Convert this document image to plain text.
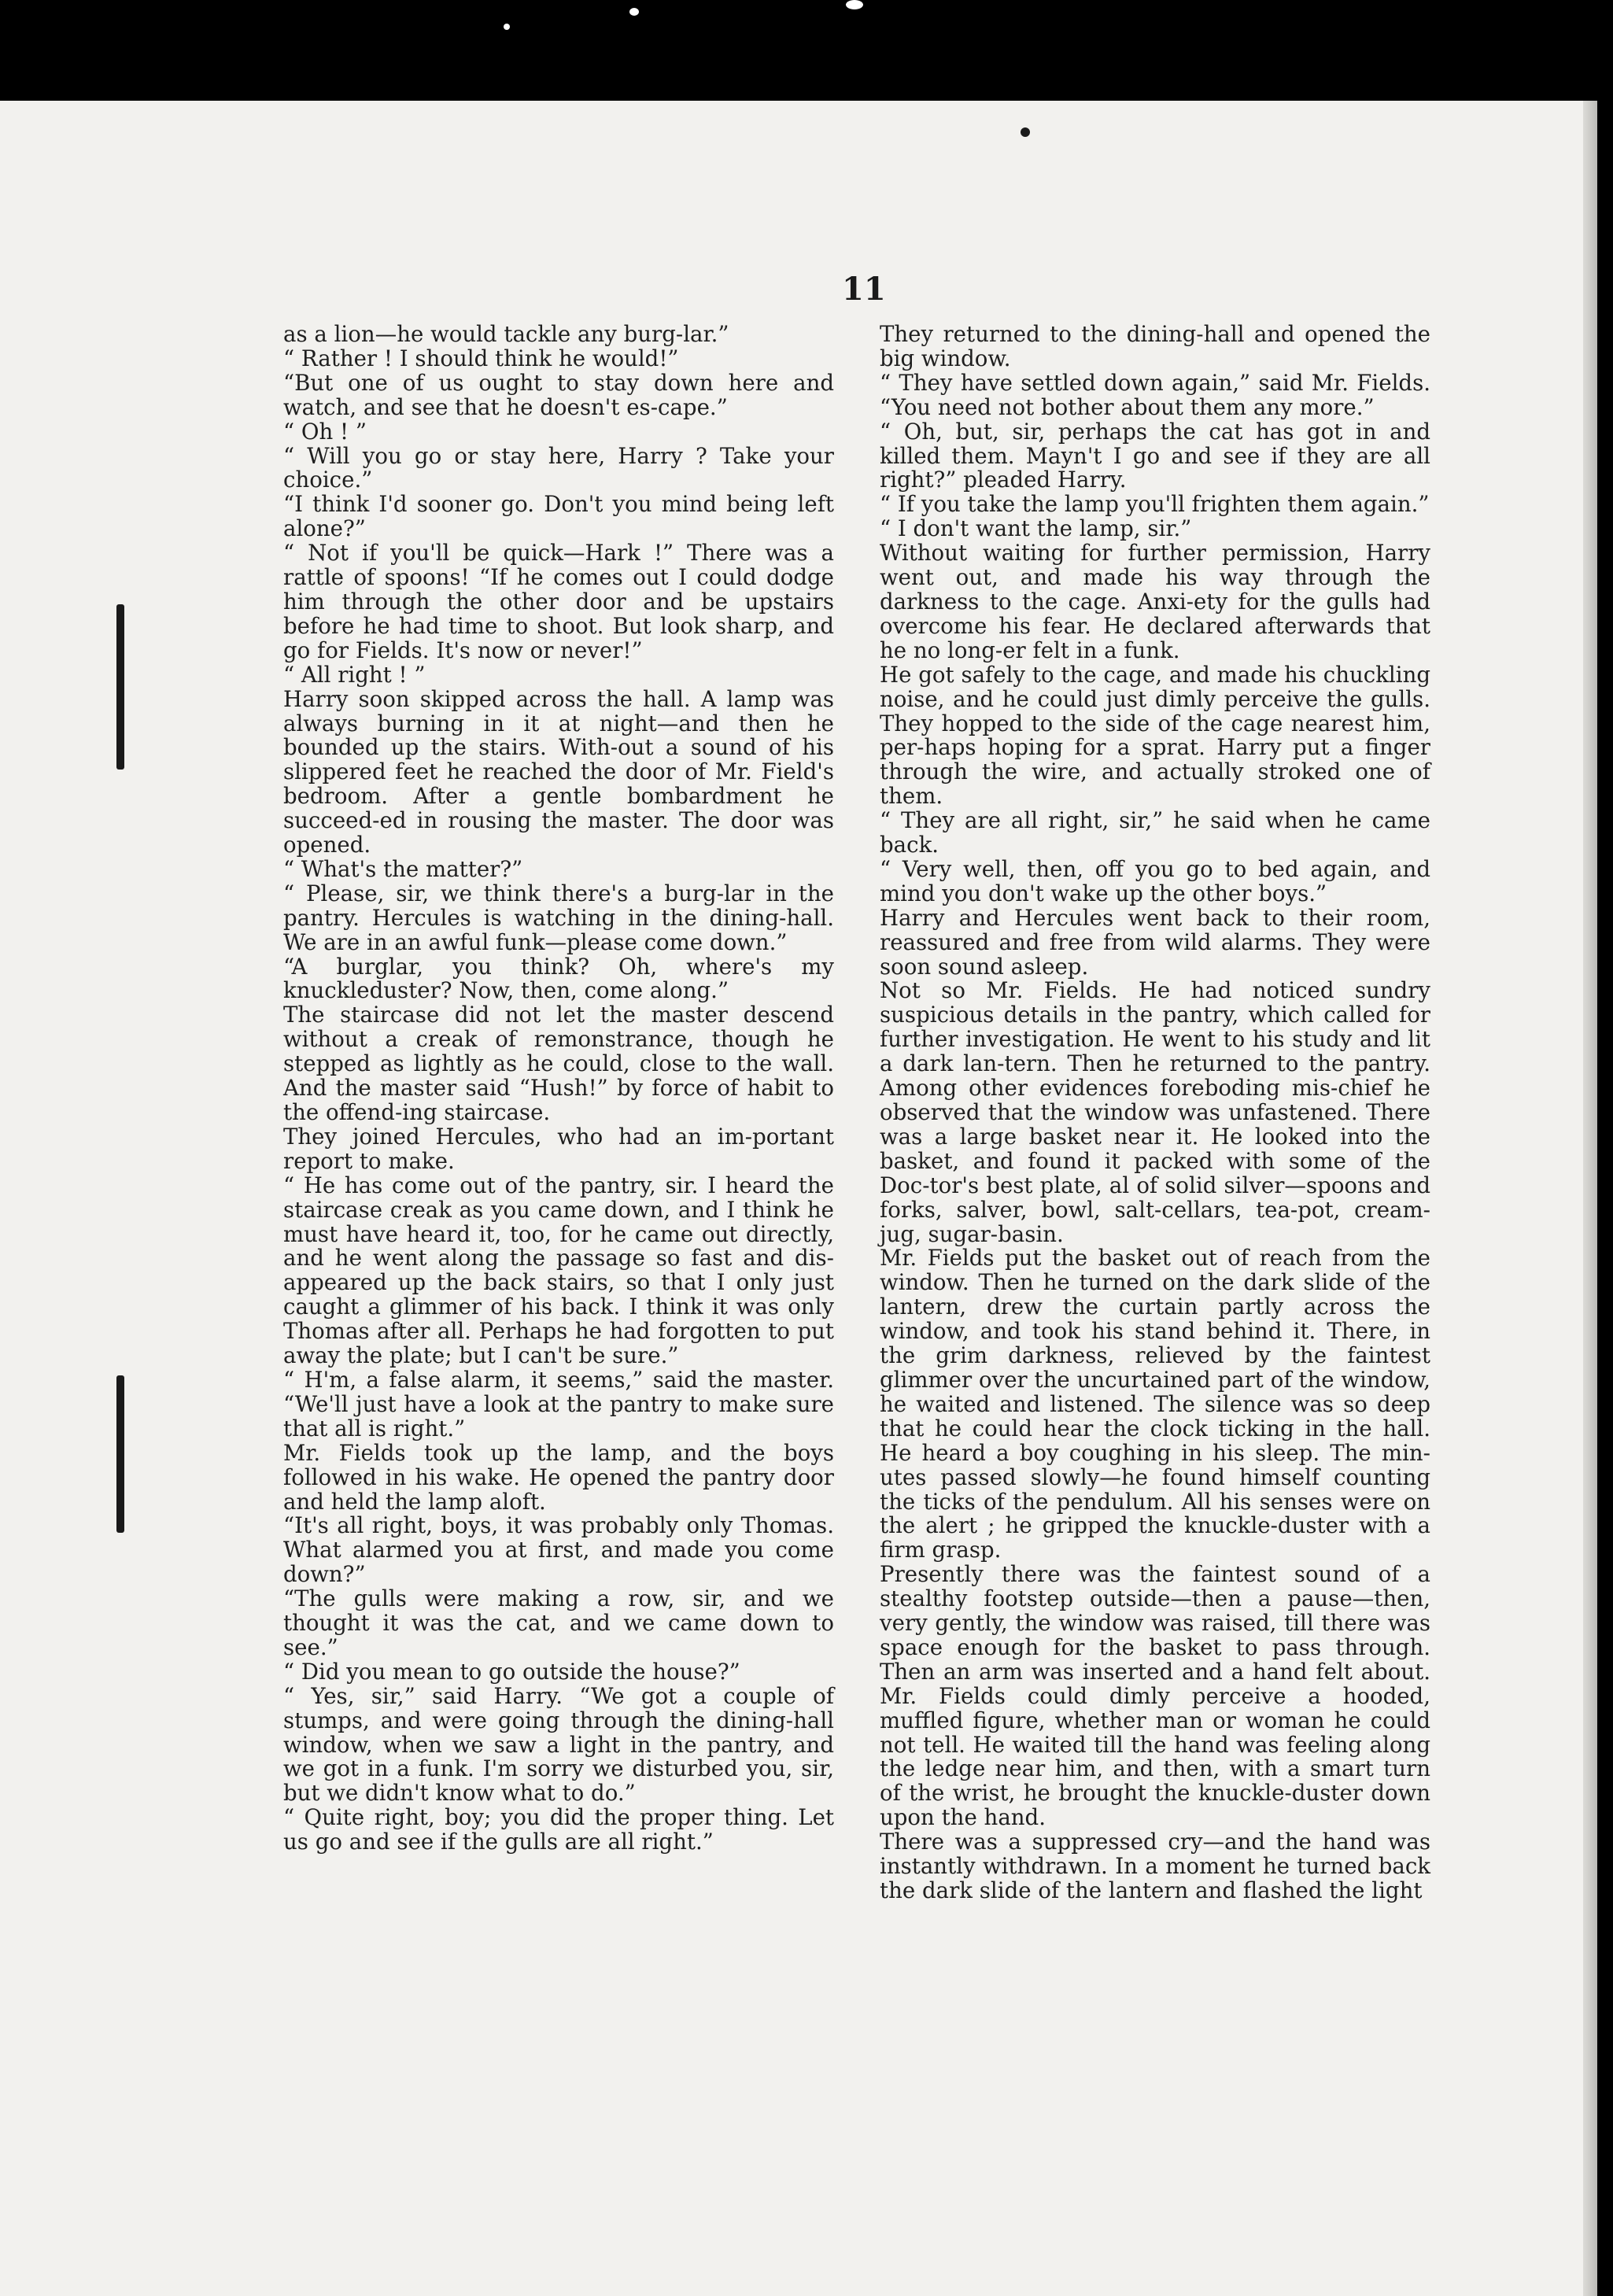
11

as a lion—he would tackle any burg-lar.”

“ Rather ! I should think he would!”

“But one of us ought to stay down here and watch, and see that he doesn't es-cape.”

“ Oh ! ”

“ Will you go or stay here, Harry ? Take your choice.”

“I think I'd sooner go. Don't you mind being left alone?”

“ Not if you'll be quick—Hark !” There was a rattle of spoons! “If he comes out I could dodge him through the other door and be upstairs before he had time to shoot. But look sharp, and go for Fields. It's now or never!”

“ All right ! ”

Harry soon skipped across the hall. A lamp was always burning in it at night—and then he bounded up the stairs. With-out a sound of his slippered feet he reached the door of Mr. Field's bedroom. After a gentle bombardment he succeed-ed in rousing the master. The door was opened.

“ What's the matter?”

“ Please, sir, we think there's a burg-lar in the pantry. Hercules is watching in the dining-hall. We are in an awful funk—please come down.”

“A burglar, you think? Oh, where's my knuckleduster? Now, then, come along.”

The staircase did not let the master descend without a creak of remonstrance, though he stepped as lightly as he could, close to the wall. And the master said “Hush!” by force of habit to the offend-ing staircase.

They joined Hercules, who had an im-portant report to make.

“ He has come out of the pantry, sir. I heard the staircase creak as you came down, and I think he must have heard it, too, for he came out directly, and he went along the passage so fast and dis-appeared up the back stairs, so that I only just caught a glimmer of his back. I think it was only Thomas after all. Perhaps he had forgotten to put away the plate; but I can't be sure.”

“ H'm, a false alarm, it seems,” said the master. “We'll just have a look at the pantry to make sure that all is right.”

Mr. Fields took up the lamp, and the boys followed in his wake. He opened the pantry door and held the lamp aloft.

“It's all right, boys, it was probably only Thomas. What alarmed you at first, and made you come down?”

“The gulls were making a row, sir, and we thought it was the cat, and we came down to see.”

“ Did you mean to go outside the house?”

“ Yes, sir,” said Harry. “We got a couple of stumps, and were going through the dining-hall window, when we saw a light in the pantry, and we got in a funk. I'm sorry we disturbed you, sir, but we didn't know what to do.”

“ Quite right, boy; you did the proper thing. Let us go and see if the gulls are all right.”

They returned to the dining-hall and opened the big window.

“ They have settled down again,” said Mr. Fields. “You need not bother about them any more.”

“ Oh, but, sir, perhaps the cat has got in and killed them. Mayn't I go and see if they are all right?” pleaded Harry.

“ If you take the lamp you'll frighten them again.”

“ I don't want the lamp, sir.”

Without waiting for further permission, Harry went out, and made his way through the darkness to the cage. Anxi-ety for the gulls had overcome his fear. He declared afterwards that he no long-er felt in a funk.

He got safely to the cage, and made his chuckling noise, and he could just dimly perceive the gulls. They hopped to the side of the cage nearest him, per-haps hoping for a sprat. Harry put a finger through the wire, and actually stroked one of them.

“ They are all right, sir,” he said when he came back.

“ Very well, then, off you go to bed again, and mind you don't wake up the other boys.”

Harry and Hercules went back to their room, reassured and free from wild alarms. They were soon sound asleep.

Not so Mr. Fields. He had noticed sundry suspicious details in the pantry, which called for further investigation. He went to his study and lit a dark lan-tern. Then he returned to the pantry. Among other evidences foreboding mis-chief he observed that the window was unfastened. There was a large basket near it. He looked into the basket, and found it packed with some of the Doc-tor's best plate, al of solid silver—spoons and forks, salver, bowl, salt-cellars, tea-pot, cream-jug, sugar-basin.

Mr. Fields put the basket out of reach from the window. Then he turned on the dark slide of the lantern, drew the curtain partly across the window, and took his stand behind it. There, in the grim darkness, relieved by the faintest glimmer over the uncurtained part of the window, he waited and listened. The silence was so deep that he could hear the clock ticking in the hall. He heard a boy coughing in his sleep. The min-utes passed slowly—he found himself counting the ticks of the pendulum. All his senses were on the alert ; he gripped the knuckle-duster with a firm grasp.

Presently there was the faintest sound of a stealthy footstep outside—then a pause—then, very gently, the window was raised, till there was space enough for the basket to pass through. Then an arm was inserted and a hand felt about. Mr. Fields could dimly perceive a hooded, muffled figure, whether man or woman he could not tell. He waited till the hand was feeling along the ledge near him, and then, with a smart turn of the wrist, he brought the knuckle-duster down upon the hand.

There was a suppressed cry—and the hand was instantly withdrawn. In a moment he turned back the dark slide of the lantern and flashed the light
